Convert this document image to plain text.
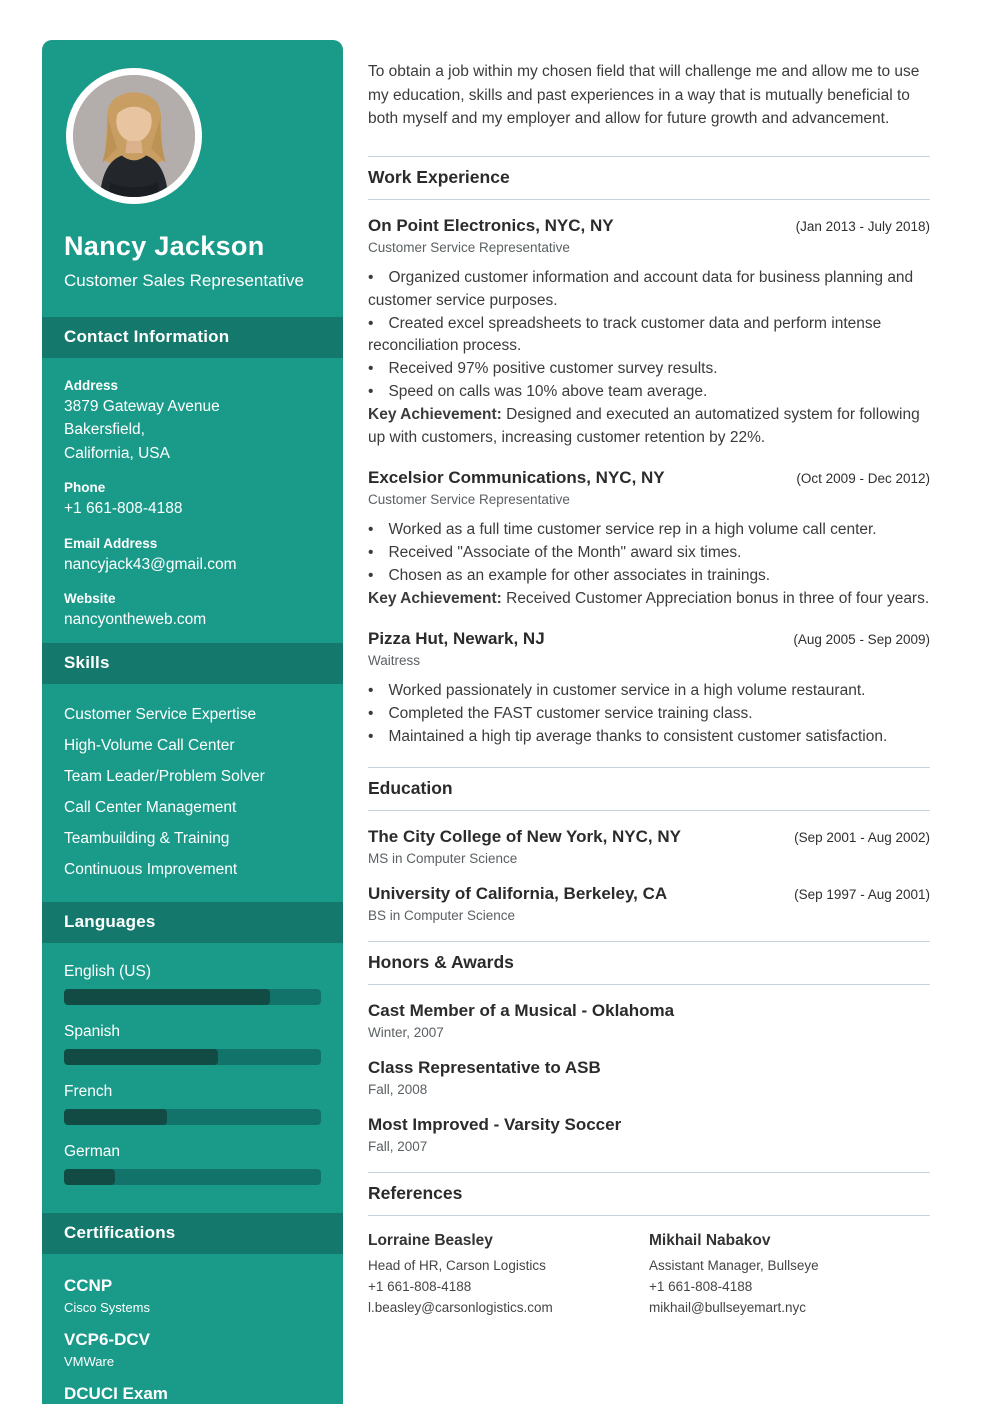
Nancy Jackson
Customer Sales Representative
Contact Information
Address
3879 Gateway Avenue
Bakersfield,
California, USA
Phone
+1 661-808-4188
Email Address
nancyjack43@gmail.com
Website
nancyontheweb.com
Skills
Customer Service Expertise
High-Volume Call Center
Team Leader/Problem Solver
Call Center Management
Teambuilding & Training
Continuous Improvement
Languages
English (US)
Spanish
French
German
Certifications
CCNP
Cisco Systems
VCP6-DCV
VMWare
DCUCI Exam

To obtain a job within my chosen field that will challenge me and allow me to use my education, skills and past experiences in a way that is mutually beneficial to both myself and my employer and allow for future growth and advancement.

Work Experience
On Point Electronics, NYC, NY	(Jan 2013 - July 2018)
Customer Service Representative

• Organized customer information and account data for business planning and customer service purposes.

• Created excel spreadsheets to track customer data and perform intense reconciliation process.

• Received 97% positive customer survey results.

• Speed on calls was 10% above team average.

Key Achievement: Designed and executed an automatized system for following up with customers, increasing customer retention by 22%.

Excelsior Communications, NYC, NY	(Oct 2009 - Dec 2012)
Customer Service Representative

• Worked as a full time customer service rep in a high volume call center.

• Received "Associate of the Month" award six times.

• Chosen as an example for other associates in trainings.

Key Achievement: Received Customer Appreciation bonus in three of four years.

Pizza Hut, Newark, NJ	(Aug 2005 - Sep 2009)
Waitress

• Worked passionately in customer service in a high volume restaurant.

• Completed the FAST customer service training class.

• Maintained a high tip average thanks to consistent customer satisfaction.

Education
The City College of New York, NYC, NY	(Sep 2001 - Aug 2002)
MS in Computer Science
University of California, Berkeley, CA	(Sep 1997 - Aug 2001)
BS in Computer Science
Honors & Awards
Cast Member of a Musical - Oklahoma
Winter, 2007
Class Representative to ASB
Fall, 2008
Most Improved - Varsity Soccer
Fall, 2007
References
Lorraine Beasley
Head of HR, Carson Logistics
+1 661-808-4188
l.beasley@carsonlogistics.com
Mikhail Nabakov
Assistant Manager, Bullseye
+1 661-808-4188
mikhail@bullseyemart.nyc
